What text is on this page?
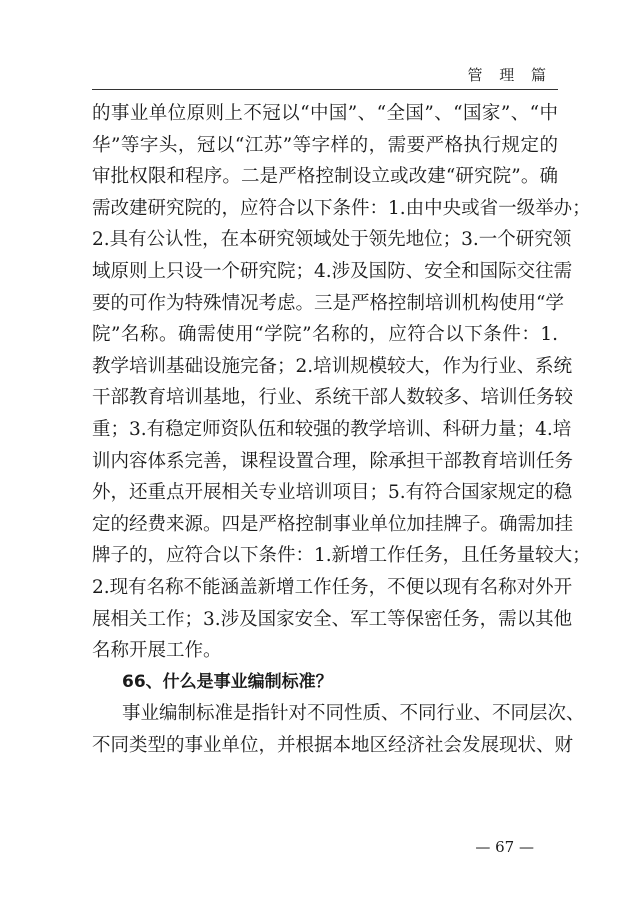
管 理 篇
的事业单位原则上不冠以“中国”、“全国”、“国家”、“中
华”等字头，冠以“江苏”等字样的，需要严格执行规定的
审批权限和程序。二是严格控制设立或改建“研究院”。确
需改建研究院的，应符合以下条件：1.由中央或省一级举办；
2.具有公认性，在本研究领域处于领先地位；3.一个研究领
域原则上只设一个研究院；4.涉及国防、安全和国际交往需
要的可作为特殊情况考虑。三是严格控制培训机构使用“学
院”名称。确需使用“学院”名称的，应符合以下条件：1.
教学培训基础设施完备；2.培训规模较大，作为行业、系统
干部教育培训基地，行业、系统干部人数较多、培训任务较
重；3.有稳定师资队伍和较强的教学培训、科研力量；4.培
训内容体系完善，课程设置合理，除承担干部教育培训任务
外，还重点开展相关专业培训项目；5.有符合国家规定的稳
定的经费来源。四是严格控制事业单位加挂牌子。确需加挂
牌子的，应符合以下条件：1.新增工作任务，且任务量较大；
2.现有名称不能涵盖新增工作任务，不便以现有名称对外开
展相关工作；3.涉及国家安全、军工等保密任务，需以其他
名称开展工作。
66、什么是事业编制标准？
事业编制标准是指针对不同性质、不同行业、不同层次、
不同类型的事业单位，并根据本地区经济社会发展现状、财
— 67 —
